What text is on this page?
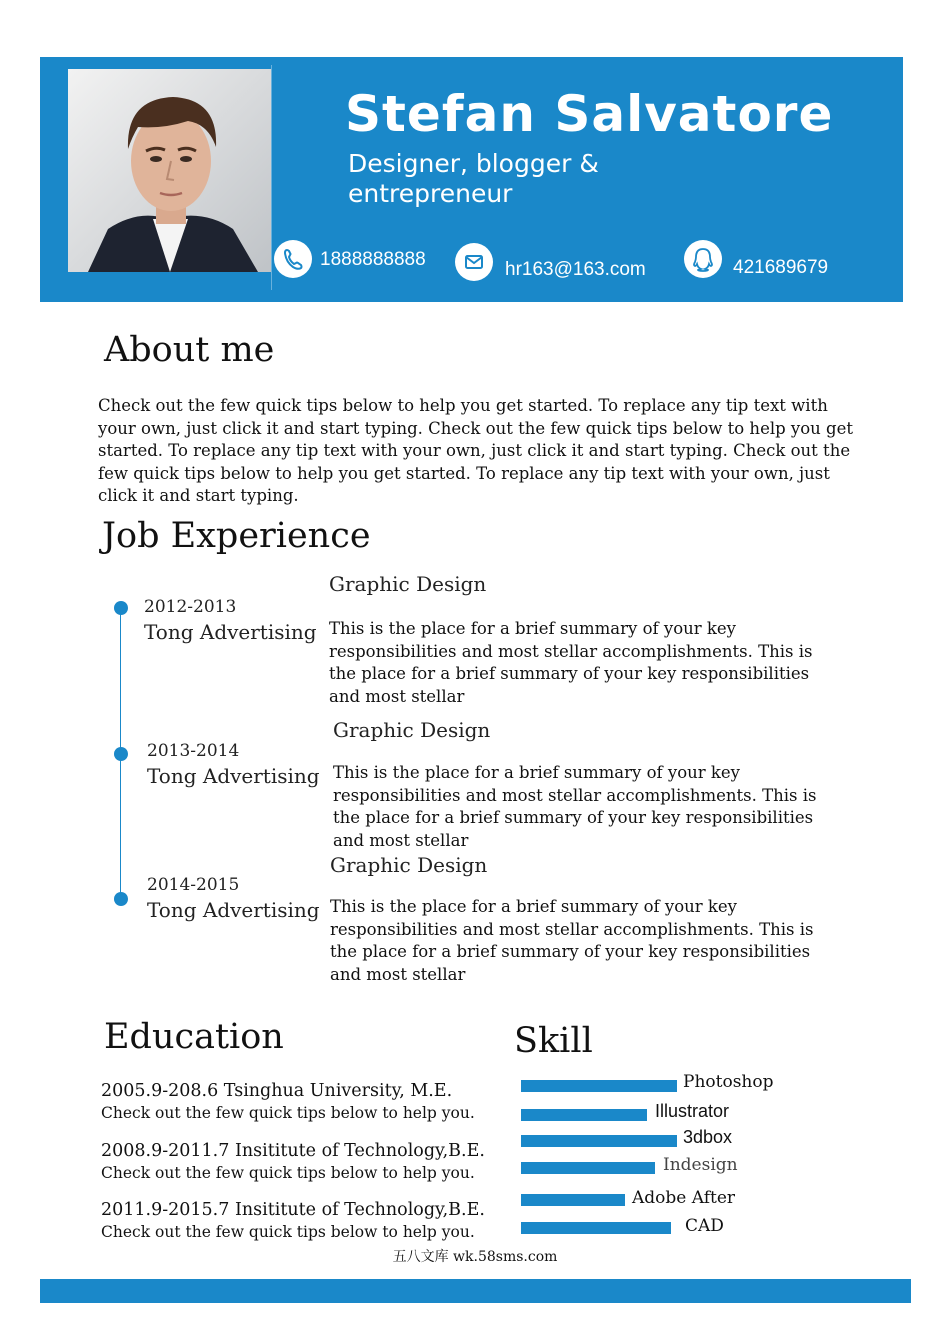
Stefan Salvatore
Designer, blogger & entrepreneur
1888888888	hr163@163.com	421689679
About me
Check out the few quick tips below to help you get started. To replace any tip text with your own, just click it and start typing. Check out the few quick tips below to help you get started. To replace any tip text with your own, just click it and start typing. Check out the few quick tips below to help you get started. To replace any tip text with your own, just click it and start typing.
Job Experience
2012-2013
Tong Advertising
Graphic Design
This is the place for a brief summary of your key responsibilities and most stellar accomplishments. This is the place for a brief summary of your key responsibilities and most stellar
2013-2014
Tong Advertising
Graphic Design
This is the place for a brief summary of your key responsibilities and most stellar accomplishments. This is the place for a brief summary of your key responsibilities and most stellar
2014-2015
Tong Advertising
Graphic Design
This is the place for a brief summary of your key responsibilities and most stellar accomplishments. This is the place for a brief summary of your key responsibilities and most stellar
Education
2005.9-208.6 Tsinghua University, M.E.
Check out the few quick tips below to help you.
2008.9-2011.7 Insititute of Technology,B.E.
Check out the few quick tips below to help you.
2011.9-2015.7 Insititute of Technology,B.E.
Check out the few quick tips below to help you.
Skill
Photoshop
Illustrator
3dbox
Indesign
Adobe After
CAD
五八文库 wk.58sms.com
